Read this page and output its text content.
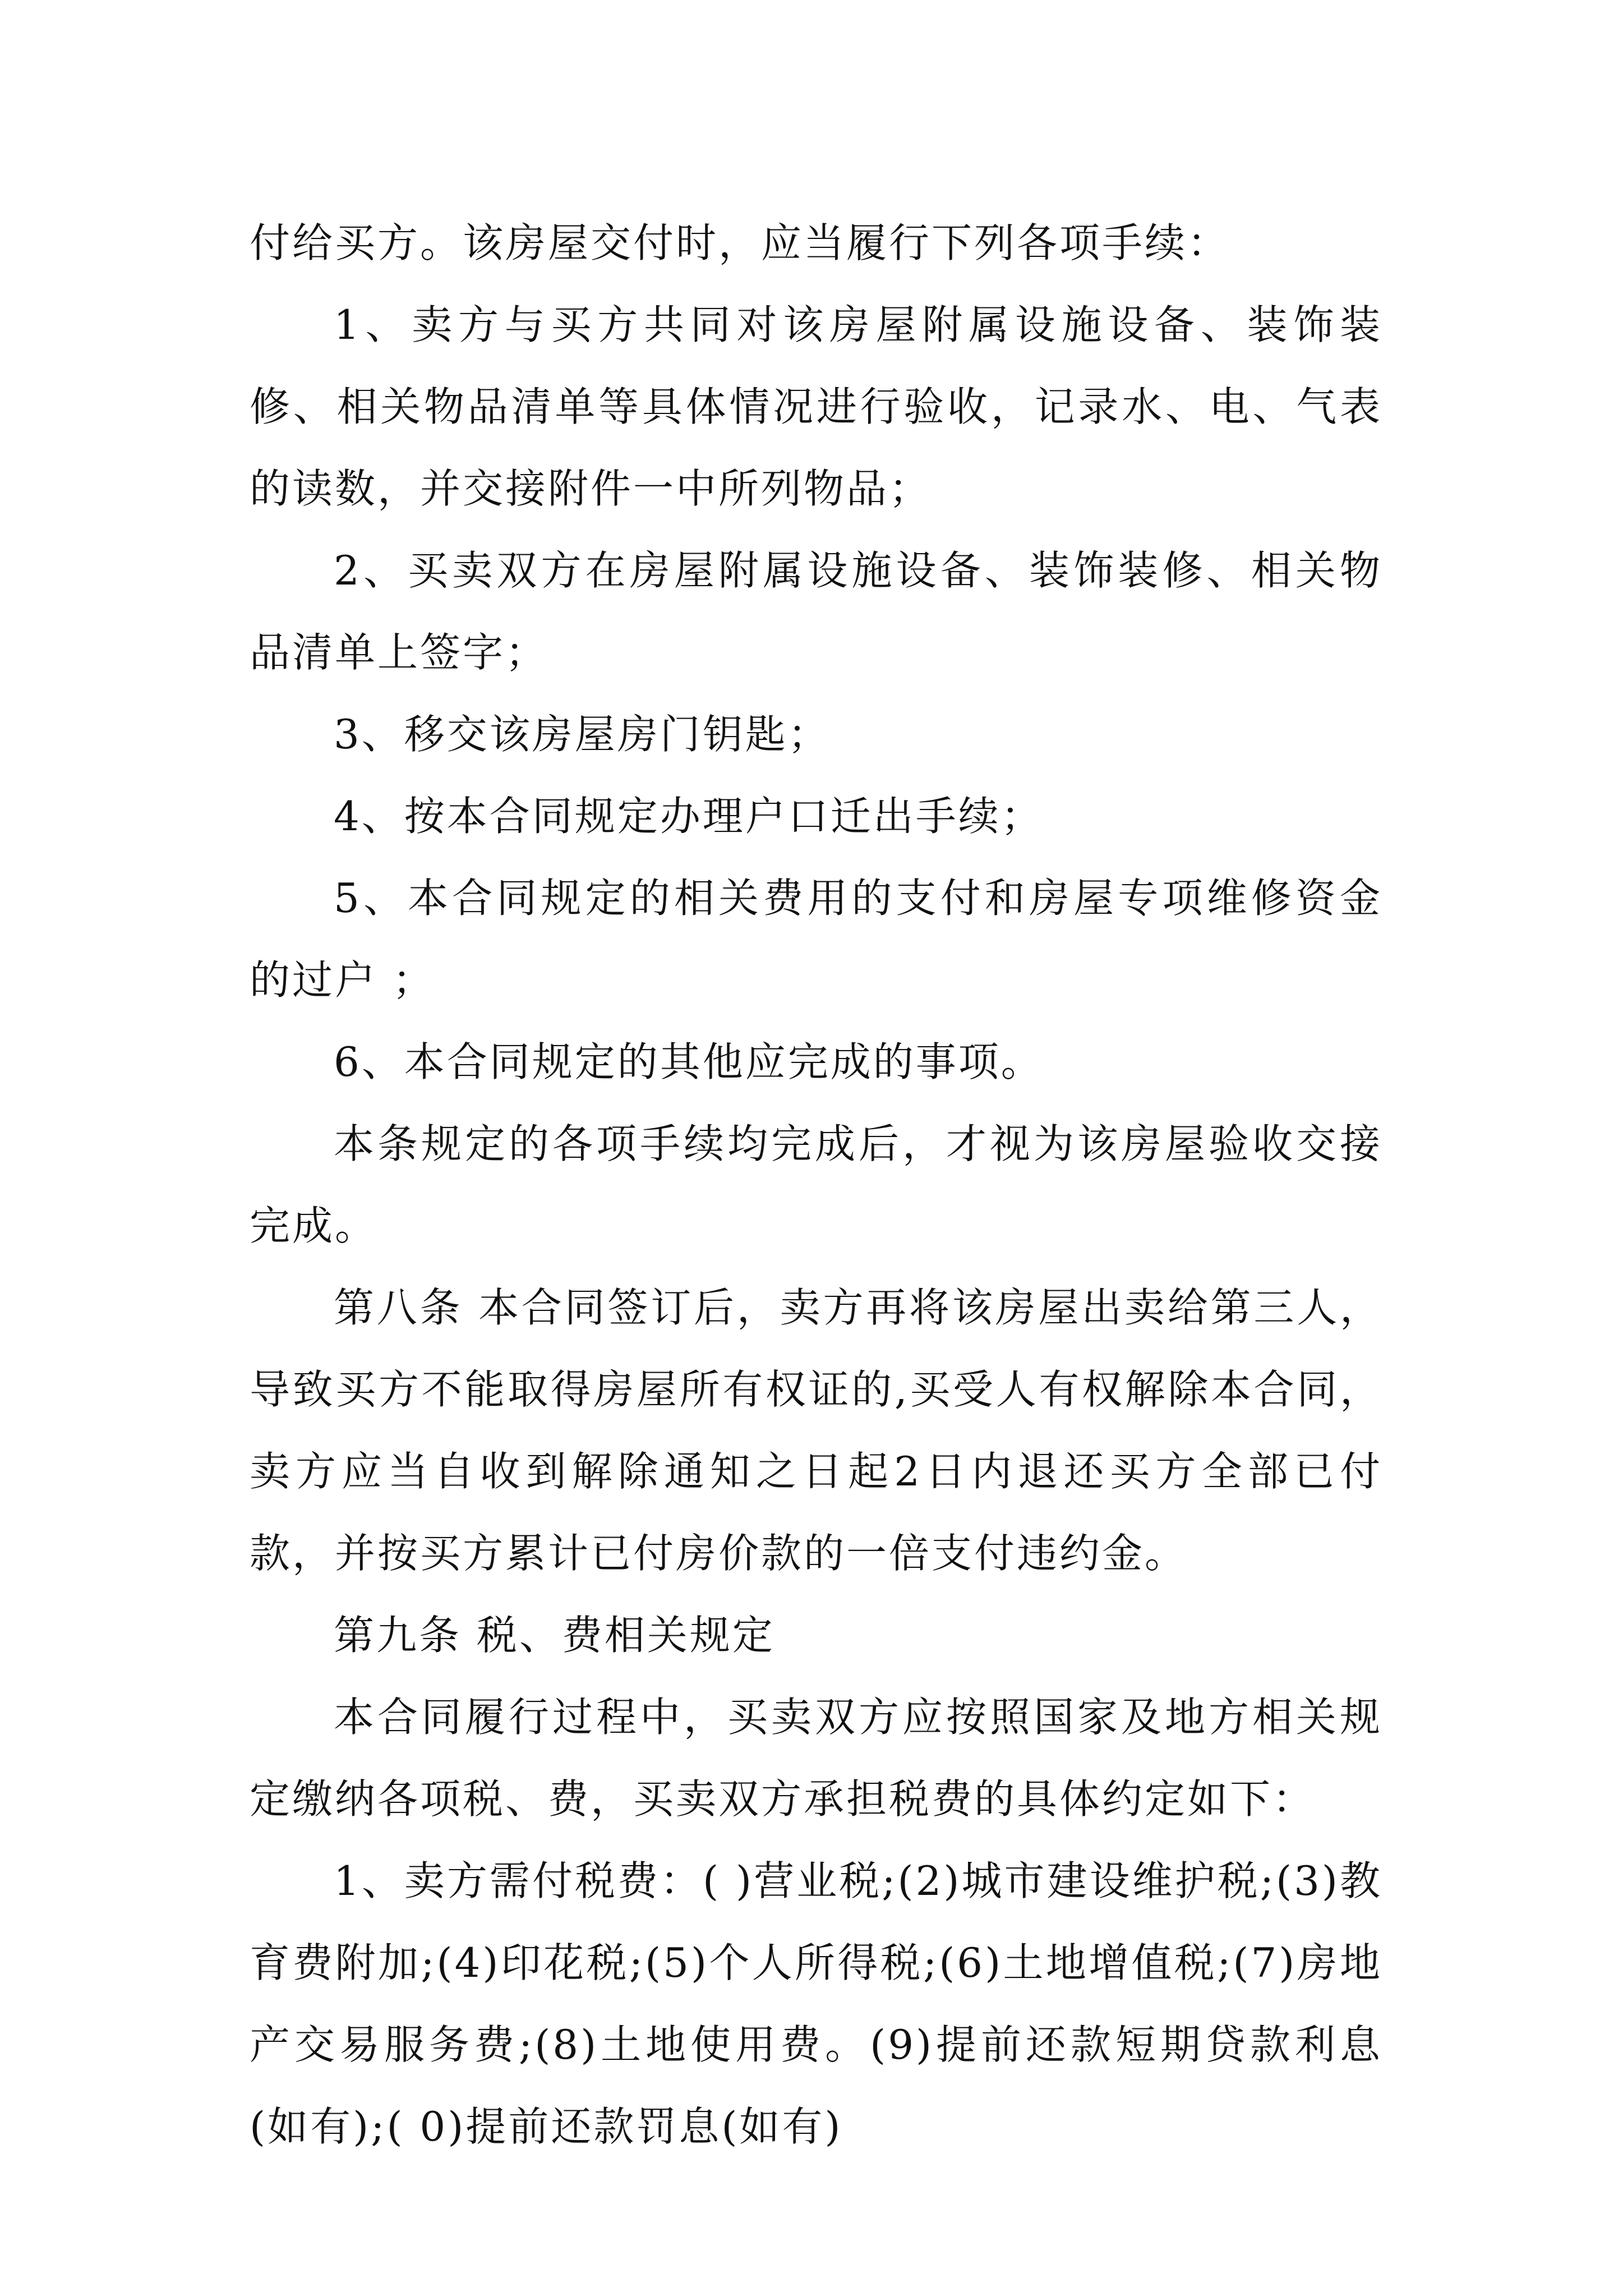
付给买方。该房屋交付时，应当履行下列各项手续：

1、卖方与买方共同对该房屋附属设施设备、装饰装修、相关物品清单等具体情况进行验收，记录水、电、气表的读数，并交接附件一中所列物品；

2、买卖双方在房屋附属设施设备、装饰装修、相关物品清单上签字；

3、移交该房屋房门钥匙；

4、按本合同规定办理户口迁出手续；

5、本合同规定的相关费用的支付和房屋专项维修资金的过户 ；

6、本合同规定的其他应完成的事项。

本条规定的各项手续均完成后，才视为该房屋验收交接完成。

第八条 本合同签订后，卖方再将该房屋出卖给第三人，导致买方不能取得房屋所有权证的,买受人有权解除本合同，卖方应当自收到解除通知之日起2日内退还买方全部已付款，并按买方累计已付房价款的一倍支付违约金。

第九条 税、费相关规定

本合同履行过程中，买卖双方应按照国家及地方相关规定缴纳各项税、费，买卖双方承担税费的具体约定如下：

1、卖方需付税费：( )营业税;(2)城市建设维护税;(3)教育费附加;(4)印花税;(5)个人所得税;(6)土地增值税;(7)房地产交易服务费;(8)土地使用费。(9)提前还款短期贷款利息(如有);( 0)提前还款罚息(如有)
